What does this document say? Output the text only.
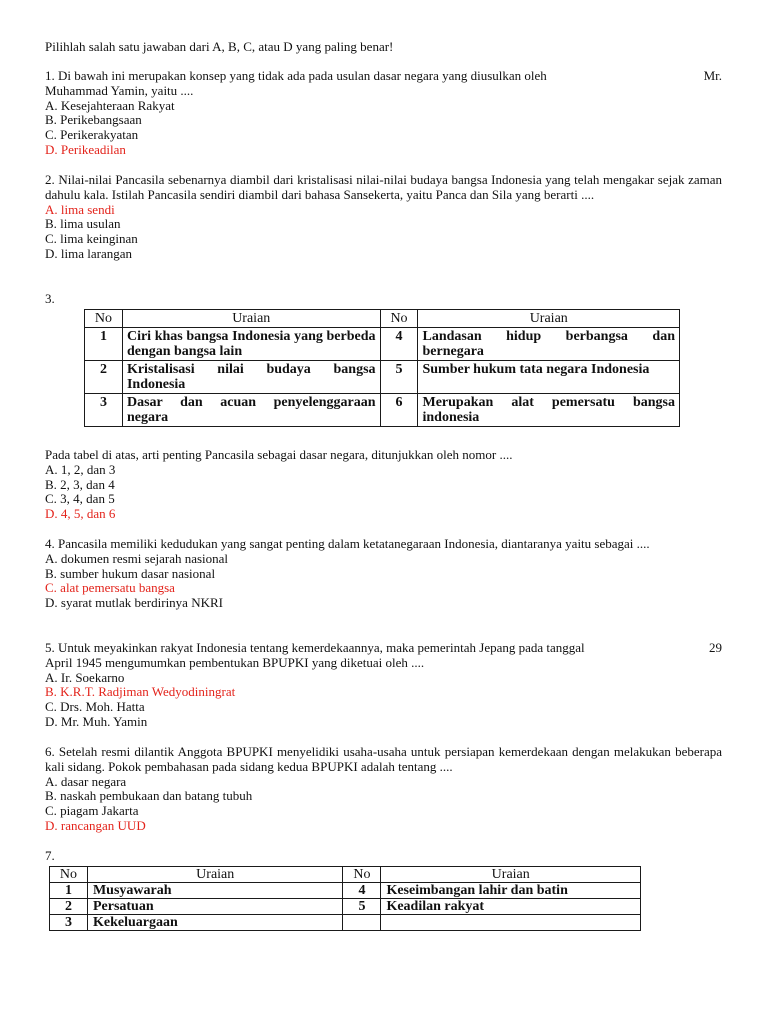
Pilihlah salah satu jawaban dari A, B, C, atau D yang paling benar!
1. Di bawah ini merupakan konsep yang tidak ada pada usulan dasar negara yang diusulkan oleh	Mr.
Muhammad Yamin, yaitu ....
A. Kesejahteraan Rakyat
B. Perikebangsaan
C. Perikerakyatan
D. Perikeadilan
2. Nilai-nilai Pancasila sebenarnya diambil dari kristalisasi nilai-nilai budaya bangsa Indonesia yang telah mengakar sejak zaman dahulu kala. Istilah Pancasila sendiri diambil dari bahasa Sansekerta, yaitu Panca dan Sila yang berarti ....
A. lima sendi
B. lima usulan
C. lima keinginan
D. lima larangan
3.
No	Uraian	No	Uraian
1	Ciri khas bangsa Indonesia yang berbeda dengan bangsa lain	4	Landasan hidup berbangsa dan bernegara
2	Kristalisasi nilai budaya bangsa Indonesia	5	Sumber hukum tata negara Indonesia
3	Dasar dan acuan penyelenggaraan negara	6	Merupakan alat pemersatu bangsa indonesia
Pada tabel di atas, arti penting Pancasila sebagai dasar negara, ditunjukkan oleh nomor ....
A. 1, 2, dan 3
B. 2, 3, dan 4
C. 3, 4, dan 5
D. 4, 5, dan 6
4. Pancasila memiliki kedudukan yang sangat penting dalam ketatanegaraan Indonesia, diantaranya yaitu sebagai ....
A. dokumen resmi sejarah nasional
B. sumber hukum dasar nasional
C. alat pemersatu bangsa
D. syarat mutlak berdirinya NKRI
5. Untuk meyakinkan rakyat Indonesia tentang kemerdekaannya, maka pemerintah Jepang pada tanggal	29
April 1945 mengumumkan pembentukan BPUPKI yang diketuai oleh ....
A. Ir. Soekarno
B. K.R.T. Radjiman Wedyodiningrat
C. Drs. Moh. Hatta
D. Mr. Muh. Yamin
6. Setelah resmi dilantik Anggota BPUPKI menyelidiki usaha-usaha untuk persiapan kemerdekaan dengan melakukan beberapa kali sidang. Pokok pembahasan pada sidang kedua BPUPKI adalah tentang ....
A. dasar negara
B. naskah pembukaan dan batang tubuh
C. piagam Jakarta
D. rancangan UUD
7.
No	Uraian	No	Uraian
1	Musyawarah	4	Keseimbangan lahir dan batin
2	Persatuan	5	Keadilan rakyat
3	Kekeluargaan		
